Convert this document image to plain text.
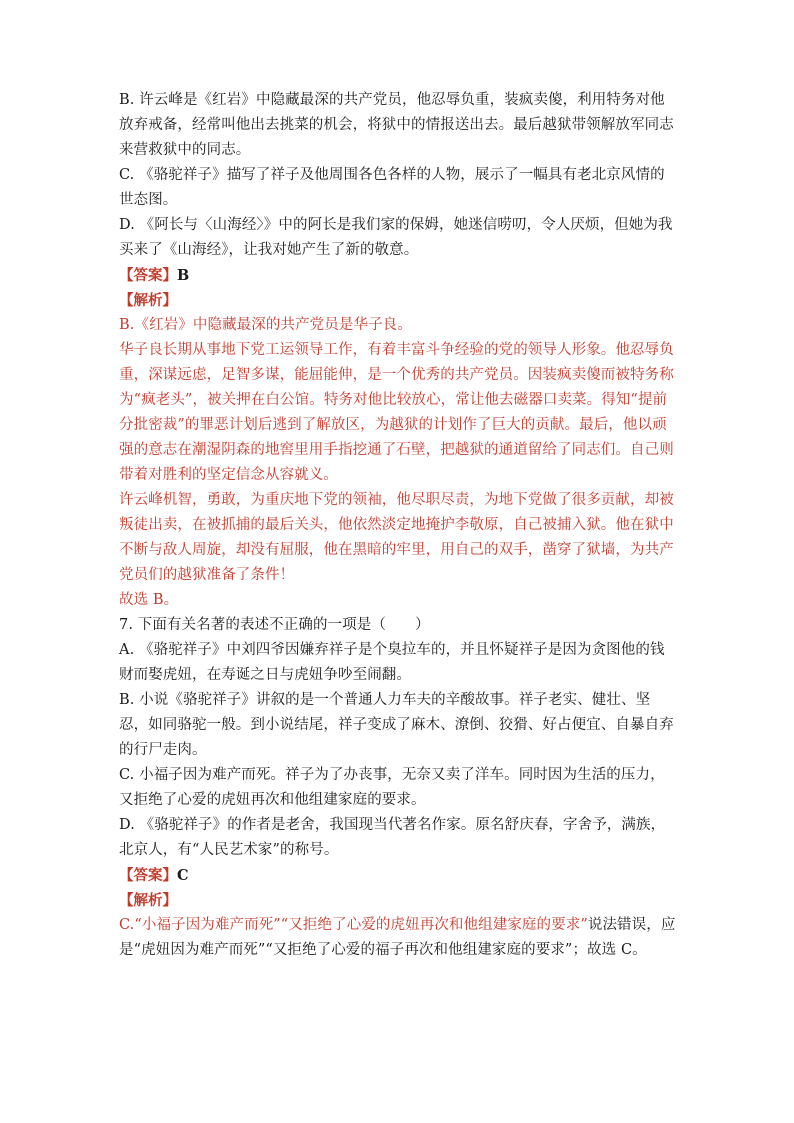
B. 许云峰是《红岩》中隐藏最深的共产党员，他忍辱负重，装疯卖傻，利用特务对他放弃戒备，经常叫他出去挑菜的机会，将狱中的情报送出去。最后越狱带领解放军同志来营救狱中的同志。

C. 《骆驼祥子》描写了祥子及他周围各色各样的人物，展示了一幅具有老北京风情的世态图。

D. 《阿长与〈山海经〉》中的阿长是我们家的保姆，她迷信唠叨，令人厌烦，但她为我买来了《山海经》，让我对她产生了新的敬意。

【答案】B

【解析】

B.《红岩》中隐藏最深的共产党员是华子良。

华子良长期从事地下党工运领导工作，有着丰富斗争经验的党的领导人形象。他忍辱负重，深谋远虑，足智多谋，能屈能伸，是一个优秀的共产党员。因装疯卖傻而被特务称为“疯老头”，被关押在白公馆。特务对他比较放心，常让他去磁器口卖菜。得知“提前分批密裁”的罪恶计划后逃到了解放区，为越狱的计划作了巨大的贡献。最后，他以顽强的意志在潮湿阴森的地窖里用手指挖通了石壁，把越狱的通道留给了同志们。自己则带着对胜利的坚定信念从容就义。

许云峰机智，勇敢，为重庆地下党的领袖，他尽职尽责，为地下党做了很多贡献，却被叛徒出卖，在被抓捕的最后关头，他依然淡定地掩护李敬原，自己被捕入狱。他在狱中不断与敌人周旋，却没有屈服，他在黑暗的牢里，用自己的双手，凿穿了狱墙，为共产党员们的越狱准备了条件！

故选 B。

7. 下面有关名著的表述不正确的一项是（　　）

A. 《骆驼祥子》中刘四爷因嫌弃祥子是个臭拉车的，并且怀疑祥子是因为贪图他的钱财而娶虎妞，在寿诞之日与虎妞争吵至闹翻。

B. 小说《骆驼祥子》讲叙的是一个普通人力车夫的辛酸故事。祥子老实、健壮、坚忍，如同骆驼一般。到小说结尾，祥子变成了麻木、潦倒、狡猾、好占便宜、自暴自弃的行尸走肉。

C. 小福子因为难产而死。祥子为了办丧事，无奈又卖了洋车。同时因为生活的压力，又拒绝了心爱的虎妞再次和他组建家庭的要求。

D. 《骆驼祥子》的作者是老舍，我国现当代著名作家。原名舒庆春，字舍予，满族，北京人，有“人民艺术家”的称号。

【答案】C

【解析】

C.“小福子因为难产而死”“又拒绝了心爱的虎妞再次和他组建家庭的要求”说法错误，应是“虎妞因为难产而死”“又拒绝了心爱的福子再次和他组建家庭的要求”；故选 C。
